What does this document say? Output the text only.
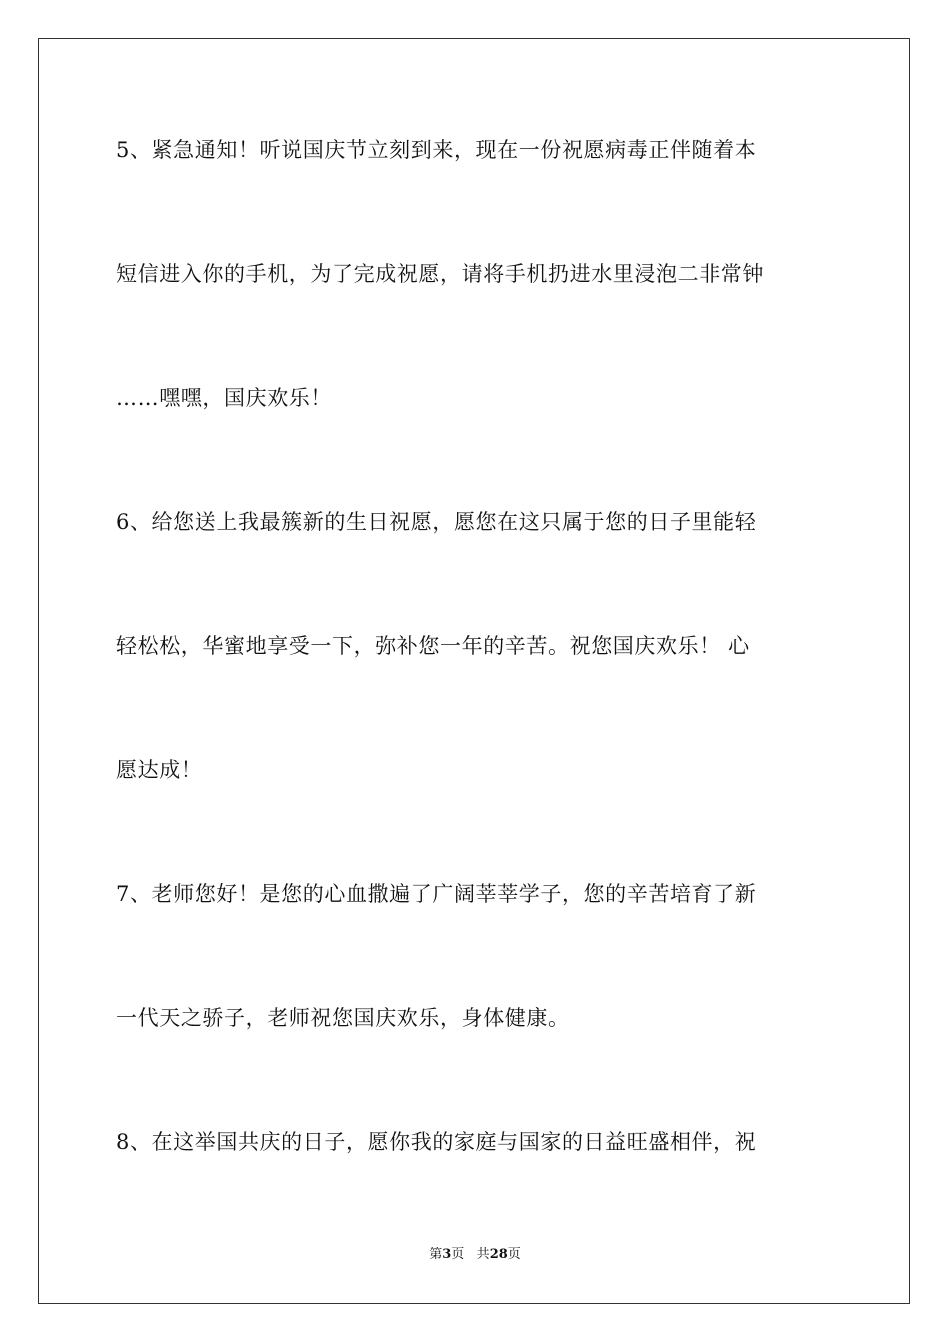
5、紧急通知！听说国庆节立刻到来，现在一份祝愿病毒正伴随着本
短信进入你的手机，为了完成祝愿，请将手机扔进水里浸泡二非常钟
……嘿嘿，国庆欢乐！
6、给您送上我最簇新的生日祝愿，愿您在这只属于您的日子里能轻
轻松松，华蜜地享受一下，弥补您一年的辛苦。祝您国庆欢乐！ 心
愿达成！
7、老师您好！是您的心血撒遍了广阔莘莘学子，您的辛苦培育了新
一代天之骄子，老师祝您国庆欢乐，身体健康。
8、在这举国共庆的日子，愿你我的家庭与国家的日益旺盛相伴，祝
第3页 共28页
